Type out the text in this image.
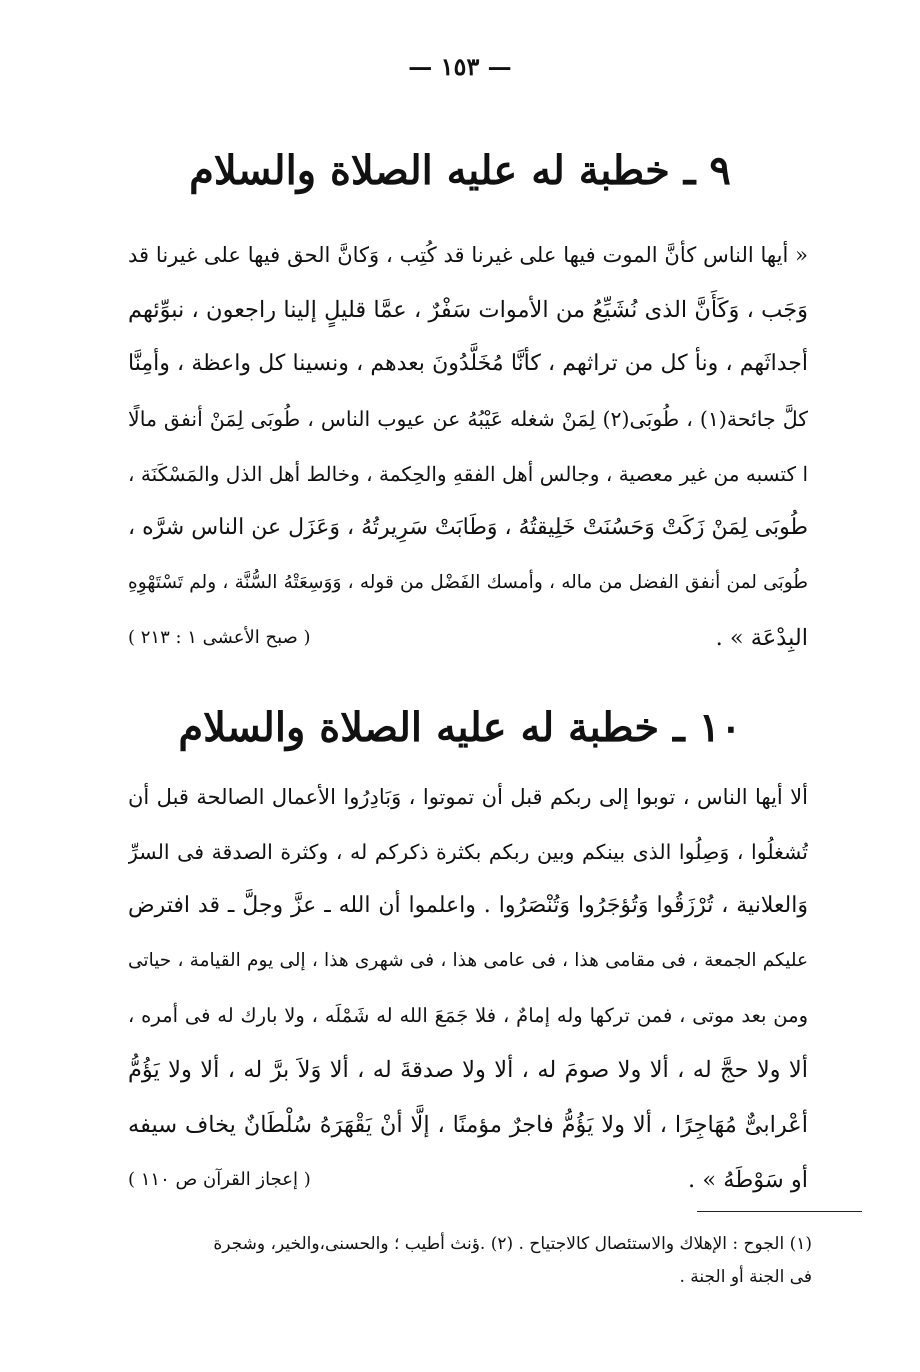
— ١٥٣ —
٩ ـ خطبة له عليه الصلاة والسلام
« أيها الناس كأنَّ الموت فيها على غيرنا قد كُتِب ، وَكانَّ الحق فيها على غيرنا قد
وَجَب ، وَكَأَنَّ الذى نُشَيِّعُ من الأموات سَفْرٌ ، عمَّا قليلٍ إلينا راجعون ، نبوِّئهم
أجداثَهم ، ونأ كل من تراثهم ، كأنَّا مُخَلَّدُونَ بعدهم ، ونسينا كل واعظة ، وأمِنَّا
كلَّ جائحة(١) ، طُوبَى(٢) لِمَنْ شغله عَيْبُهُ عن عيوب الناس ، طُوبَى لِمَنْ أنفق مالًا
ا كتسبه من غير معصية ، وجالس أهل الفقهِ والحِكمة ، وخالط أهل الذل والمَسْكَنَة ،
طُوبَى لِمَنْ زَكَتْ وَحَسُنَتْ خَلِيقتُهُ ، وَطَابَتْ سَرِيرتُهُ ، وَعَزَل عن الناس شرَّه ،
طُوبَى لمن أنفق الفضل من ماله ، وأمسك الفَضْل من قوله ، وَوَسِعَتْهُ السُّنَّة ، ولم تَسْتَهْوِهِ
البِدْعَة » .
( صبح الأعشى ١ : ٢١٣ )
١٠ ـ خطبة له عليه الصلاة والسلام
ألا أيها الناس ، توبوا إلى ربكم قبل أن تموتوا ، وَبَادِرُوا الأعمال الصالحة قبل أن
تُشغلُوا ، وَصِلُوا الذى بينكم وبين ربكم بكثرة ذكركم له ، وكثرة الصدقة فى السرِّ
وَالعلانية ، تُرْزَقُوا وَتُؤجَرُوا وَتُنْصَرُوا . واعلموا أن الله ـ عزَّ وجلَّ ـ قد افترض
عليكم الجمعة ، فى مقامى هذا ، فى عامى هذا ، فى شهرى هذا ، إلى يوم القيامة ، حياتى
ومن بعد موتى ، فمن تركها وله إمامٌ ، فلا جَمَعَ الله له شَمْلَه ، ولا بارك له فى أمره ،
ألا ولا حجَّ له ، ألا ولا صومَ له ، ألا ولا صدقةَ له ، ألا وَلاَ برَّ له ، ألا ولا يَؤُمُّ
أعْرابىٌّ مُهَاجِرًا ، ألا ولا يَؤُمُّ فاجرٌ مؤمنًا ، إلَّا أنْ يَقْهَرَهُ سُلْطَانٌ يخاف سيفه
أو سَوْطَهُ » .
( إعجاز القرآن ص ١١٠ )
(١) الجوح : الإهلاك والاستئصال كالاجتياح . (٢) .ؤنث أطيب ؛ والحسنى،والخير، وشجرة
فى الجنة أو الجنة .
